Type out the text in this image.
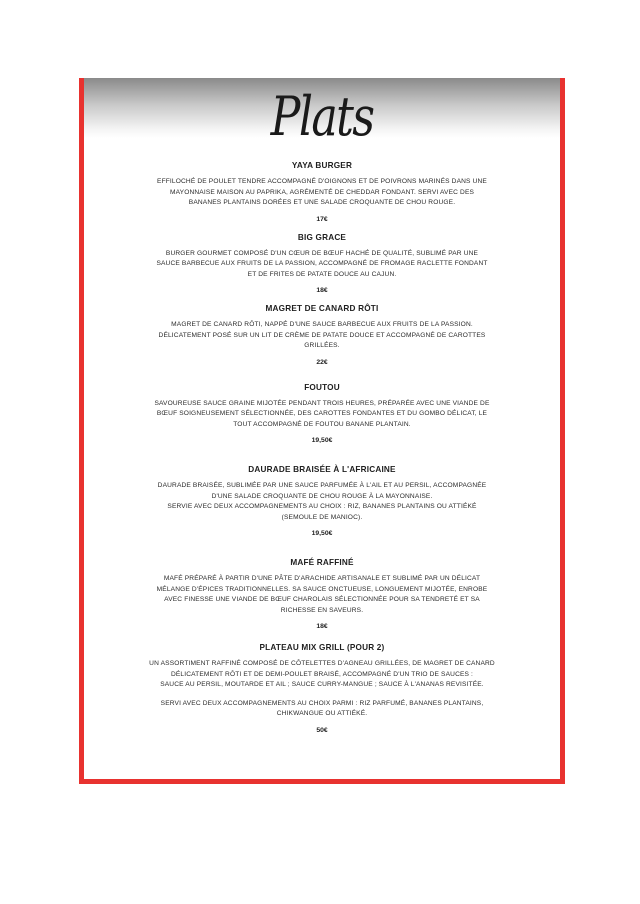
Plats

YAYA BURGER

EFFILOCHÉ DE POULET TENDRE ACCOMPAGNÉ D'OIGNONS ET DE POIVRONS MARINÉS DANS UNE
MAYONNAISE MAISON AU PAPRIKA, AGRÉMENTÉ DE CHEDDAR FONDANT. SERVI AVEC DES
BANANES PLANTAINS DORÉES ET UNE SALADE CROQUANTE DE CHOU ROUGE.

17€

BIG GRACE

BURGER GOURMET COMPOSÉ D'UN CŒUR DE BŒUF HACHÉ DE QUALITÉ, SUBLIMÉ PAR UNE
SAUCE BARBECUE AUX FRUITS DE LA PASSION, ACCOMPAGNÉ DE FROMAGE RACLETTE FONDANT
ET DE FRITES DE PATATE DOUCE AU CAJUN.

18€

MAGRET DE CANARD RÔTI

MAGRET DE CANARD RÔTI, NAPPÉ D'UNE SAUCE BARBECUE AUX FRUITS DE LA PASSION.
DÉLICATEMENT POSÉ SUR UN LIT DE CRÈME DE PATATE DOUCE ET ACCOMPAGNÉ DE CAROTTES
GRILLÉES.

22€

FOUTOU

SAVOUREUSE SAUCE GRAINE MIJOTÉE PENDANT TROIS HEURES, PRÉPARÉE AVEC UNE VIANDE DE
BŒUF SOIGNEUSEMENT SÉLECTIONNÉE, DES CAROTTES FONDANTES ET DU GOMBO DÉLICAT, LE
TOUT ACCOMPAGNÉ DE FOUTOU BANANE PLANTAIN.

19,50€

DAURADE BRAISÉE À L'AFRICAINE

DAURADE BRAISÉE, SUBLIMÉE PAR UNE SAUCE PARFUMÉE À L'AIL ET AU PERSIL, ACCOMPAGNÉE
D'UNE SALADE CROQUANTE DE CHOU ROUGE À LA MAYONNAISE.
SERVIE AVEC DEUX ACCOMPAGNEMENTS AU CHOIX : RIZ, BANANES PLANTAINS OU ATTIÉKÉ
(SEMOULE DE MANIOC).

19,50€

MAFÉ RAFFINÉ

MAFÉ PRÉPARÉ À PARTIR D'UNE PÂTE D'ARACHIDE ARTISANALE ET SUBLIMÉ PAR UN DÉLICAT
MÉLANGE D'ÉPICES TRADITIONNELLES. SA SAUCE ONCTUEUSE, LONGUEMENT MIJOTÉE, ENROBE
AVEC FINESSE UNE VIANDE DE BŒUF CHAROLAIS SÉLECTIONNÉE POUR SA TENDRETÉ ET SA
RICHESSE EN SAVEURS.

18€

PLATEAU MIX GRILL (POUR 2)

UN ASSORTIMENT RAFFINÉ COMPOSÉ DE CÔTELETTES D'AGNEAU GRILLÉES, DE MAGRET DE CANARD
DÉLICATEMENT RÔTI ET DE DEMI-POULET BRAISÉ, ACCOMPAGNÉ D'UN TRIO DE SAUCES :
SAUCE AU PERSIL, MOUTARDE ET AIL ; SAUCE CURRY-MANGUE ; SAUCE À L'ANANAS REVISITÉE.

SERVI AVEC DEUX ACCOMPAGNEMENTS AU CHOIX PARMI : RIZ PARFUMÉ, BANANES PLANTAINS,
CHIKWANGUE OU ATTIÉKÉ.

50€
